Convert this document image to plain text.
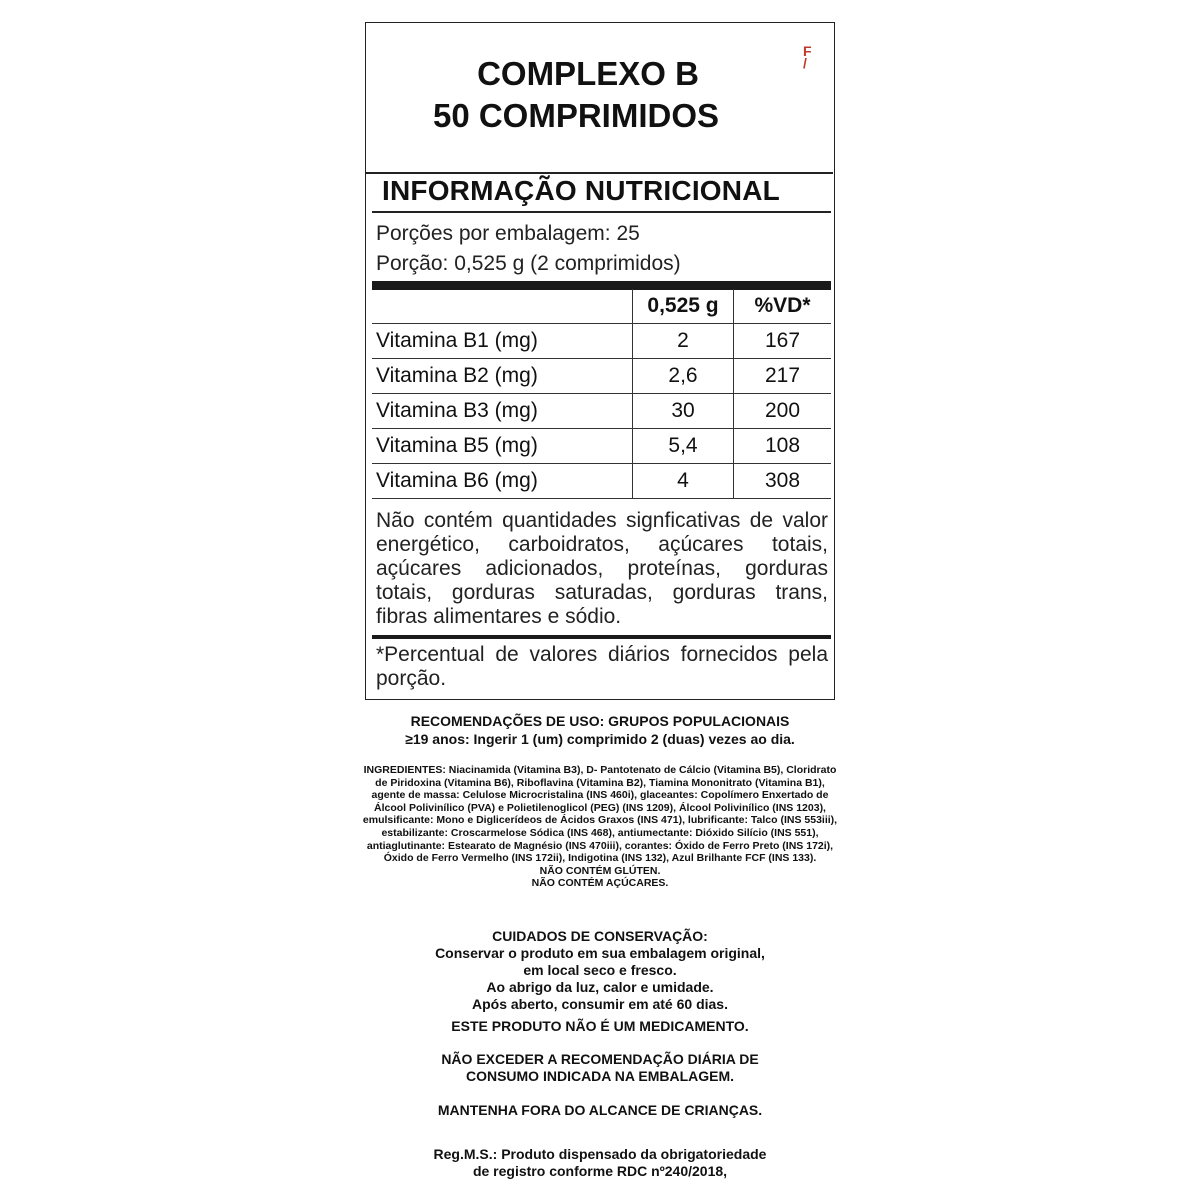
COMPLEXO B
50 COMPRIMIDOS
F
/
INFORMAÇÃO NUTRICIONAL
Porções por embalagem: 25
Porção: 0,525 g (2 comprimidos)
	0,525 g	%VD*
Vitamina B1 (mg)	2	167
Vitamina B2 (mg)	2,6	217
Vitamina B3 (mg)	30	200
Vitamina B5 (mg)	5,4	108
Vitamina B6 (mg)	4	308
Não contém quantidades signficativas de valor energético, carboidratos, açúcares totais, açúcares adicionados, proteínas, gorduras totais, gorduras saturadas, gorduras trans, fibras alimentares e sódio.
*Percentual de valores diários fornecidos pela porção.
RECOMENDAÇÕES DE USO: GRUPOS POPULACIONAIS
≥19 anos: Ingerir 1 (um) comprimido 2 (duas) vezes ao dia.
INGREDIENTES: Niacinamida (Vitamina B3), D- Pantotenato de Cálcio (Vitamina B5), Cloridrato de Piridoxina (Vitamina B6), Riboflavina (Vitamina B2), Tiamina Mononitrato (Vitamina B1), agente de massa: Celulose Microcristalina (INS 460i), glaceantes: Copolímero Enxertado de Álcool Polivinílico (PVA) e Polietilenoglicol (PEG) (INS 1209), Álcool Polivinílico (INS 1203), emulsificante: Mono e Diglicerídeos de Ácidos Graxos (INS 471), lubrificante: Talco (INS 553iii), estabilizante: Croscarmelose Sódica (INS 468), antiumectante: Dióxido Silício (INS 551), antiaglutinante: Estearato de Magnésio (INS 470iii), corantes: Óxido de Ferro Preto (INS 172i), Óxido de Ferro Vermelho (INS 172ii), Indigotina (INS 132), Azul Brilhante FCF (INS 133).
NÃO CONTÉM GLÚTEN.
NÃO CONTÉM AÇÚCARES.
CUIDADOS DE CONSERVAÇÃO:
Conservar o produto em sua embalagem original,
em local seco e fresco.
Ao abrigo da luz, calor e umidade.
Após aberto, consumir em até 60 dias.
ESTE PRODUTO NÃO É UM MEDICAMENTO.
NÃO EXCEDER A RECOMENDAÇÃO DIÁRIA DE
CONSUMO INDICADA NA EMBALAGEM.
MANTENHA FORA DO ALCANCE DE CRIANÇAS.
Reg.M.S.: Produto dispensado da obrigatoriedade
de registro conforme RDC nº240/2018,
